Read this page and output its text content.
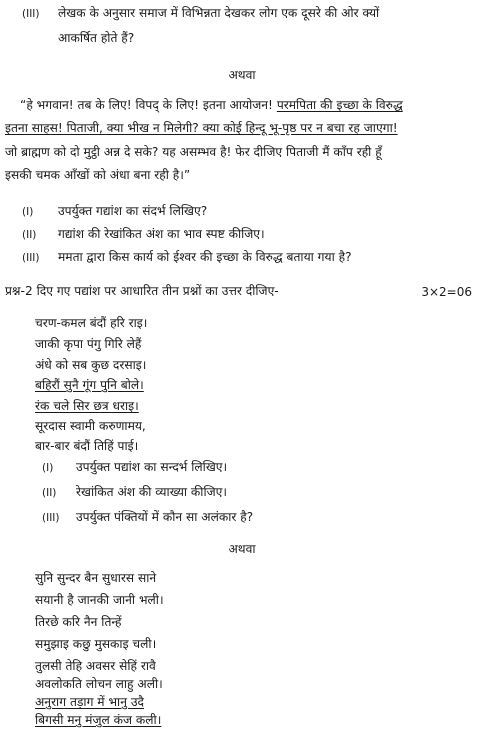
(III) लेखक के अनुसार समाज में विभिन्नता देखकर लोग एक दूसरे की ओर क्यों
आकर्षित होते हैं?
अथवा
“हे भगवान! तब के लिए! विपद् के लिए! इतना आयोजन! परमपिता की इच्छा के विरुद्ध
इतना साहस! पिताजी, क्या भीख न मिलेगी? क्या कोई हिन्दू भू-पृष्ठ पर न बचा रह जाएगा!
जो ब्राह्मण को दो मुट्ठी अन्न दे सके? यह असम्भव है! फेर दीजिए पिताजी मैं काँप रही हूँ
इसकी चमक आँखों को अंधा बना रही है।”
(I) उपर्युक्त गद्यांश का संदर्भ लिखिए?
(II) गद्यांश की रेखांकित अंश का भाव स्पष्ट कीजिए।
(III) ममता द्वारा किस कार्य को ईश्वर की इच्छा के विरुद्ध बताया गया है?
प्रश्न-2 दिए गए पद्यांश पर आधारित तीन प्रश्नों का उत्तर दीजिए-	3×2=06
चरण-कमल बंदौं हरि राइ।
जाकी कृपा पंगु गिरि लेहैं
अंधे को सब कुछ दरसाइ।
बहिरौं सुनै गूंग पुनि बोले।
रंक चले सिर छत्र धराइ।
सूरदास स्वामी करुणामय,
बार-बार बंदौं तिहिं पाई।
(I) उपर्युक्त पद्यांश का सन्दर्भ लिखिए।
(II) रेखांकित अंश की व्याख्या कीजिए।
(III) उपर्युक्त पंक्तियों में कौन सा अलंकार है?
अथवा
सुनि सुन्दर बैन सुधारस साने
सयानी है जानकी जानी भली।
तिरछे करि नैन तिन्हें
समुझाइ कछु मुसकाइ चली।
तुलसी तेहि अवसर सेहिं रावै
अवलोकति लोचन लाहु अली।
अनुराग तड़ाग में भानु उदै
बिगसी मनु मंजुल कंज कली।
